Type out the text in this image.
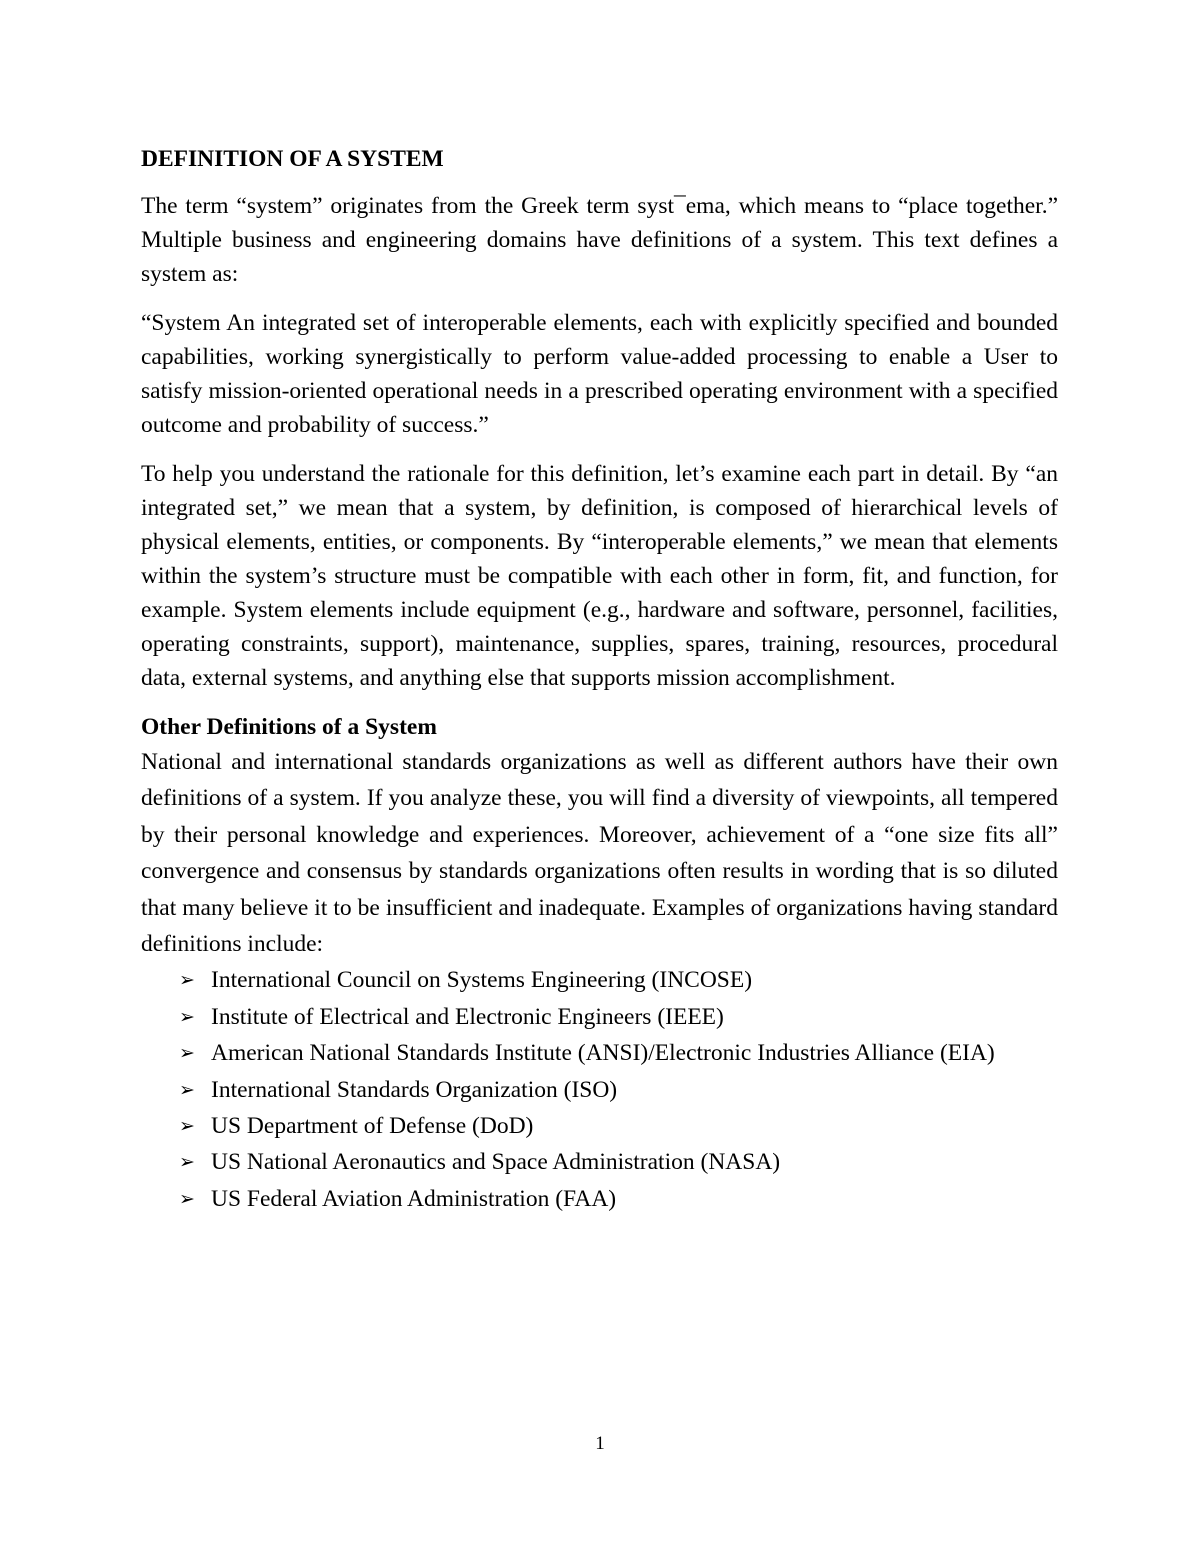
DEFINITION OF A SYSTEM

The term “system” originates from the Greek term syst¯ema, which means to “place together.” Multiple business and engineering domains have definitions of a system. This text defines a system as:

“System An integrated set of interoperable elements, each with explicitly specified and bounded capabilities, working synergistically to perform value-added processing to enable a User to satisfy mission-oriented operational needs in a prescribed operating environment with a specified outcome and probability of success.”

To help you understand the rationale for this definition, let’s examine each part in detail. By “an integrated set,” we mean that a system, by definition, is composed of hierarchical levels of physical elements, entities, or components. By “interoperable elements,” we mean that elements within the system’s structure must be compatible with each other in form, fit, and function, for example. System elements include equipment (e.g., hardware and software, personnel, facilities, operating constraints, support), maintenance, supplies, spares, training, resources, procedural data, external systems, and anything else that supports mission accomplishment.

Other Definitions of a System

National and international standards organizations as well as different authors have their own definitions of a system. If you analyze these, you will find a diversity of viewpoints, all tempered by their personal knowledge and experiences. Moreover, achievement of a “one size fits all” convergence and consensus by standards organizations often results in wording that is so diluted that many believe it to be insufficient and inadequate. Examples of organizations having standard definitions include:

➢ International Council on Systems Engineering (INCOSE)
➢ Institute of Electrical and Electronic Engineers (IEEE)
➢ American National Standards Institute (ANSI)/Electronic Industries Alliance (EIA)
➢ International Standards Organization (ISO)
➢ US Department of Defense (DoD)
➢ US National Aeronautics and Space Administration (NASA)
➢ US Federal Aviation Administration (FAA)
1
